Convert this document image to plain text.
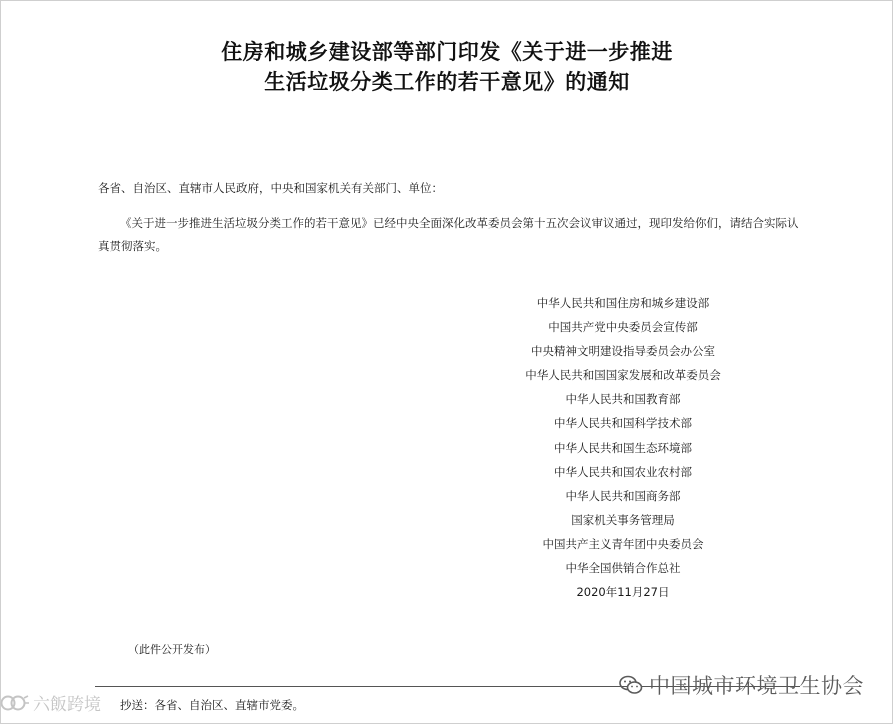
住房和城乡建设部等部门印发《关于进一步推进
生活垃圾分类工作的若干意见》的通知
各省、自治区、直辖市人民政府，中央和国家机关有关部门、单位：
《关于进一步推进生活垃圾分类工作的若干意见》已经中央全面深化改革委员会第十五次会议审议通过，现印发给你们，请结合实际认真贯彻落实。
中华人民共和国住房和城乡建设部
中国共产党中央委员会宣传部
中央精神文明建设指导委员会办公室
中华人民共和国国家发展和改革委员会
中华人民共和国教育部
中华人民共和国科学技术部
中华人民共和国生态环境部
中华人民共和国农业农村部
中华人民共和国商务部
国家机关事务管理局
中国共产主义青年团中央委员会
中华全国供销合作总社
2020年11月27日
（此件公开发布）
抄送：各省、自治区、直辖市党委。
六飯跨境
中国城市环境卫生协会
